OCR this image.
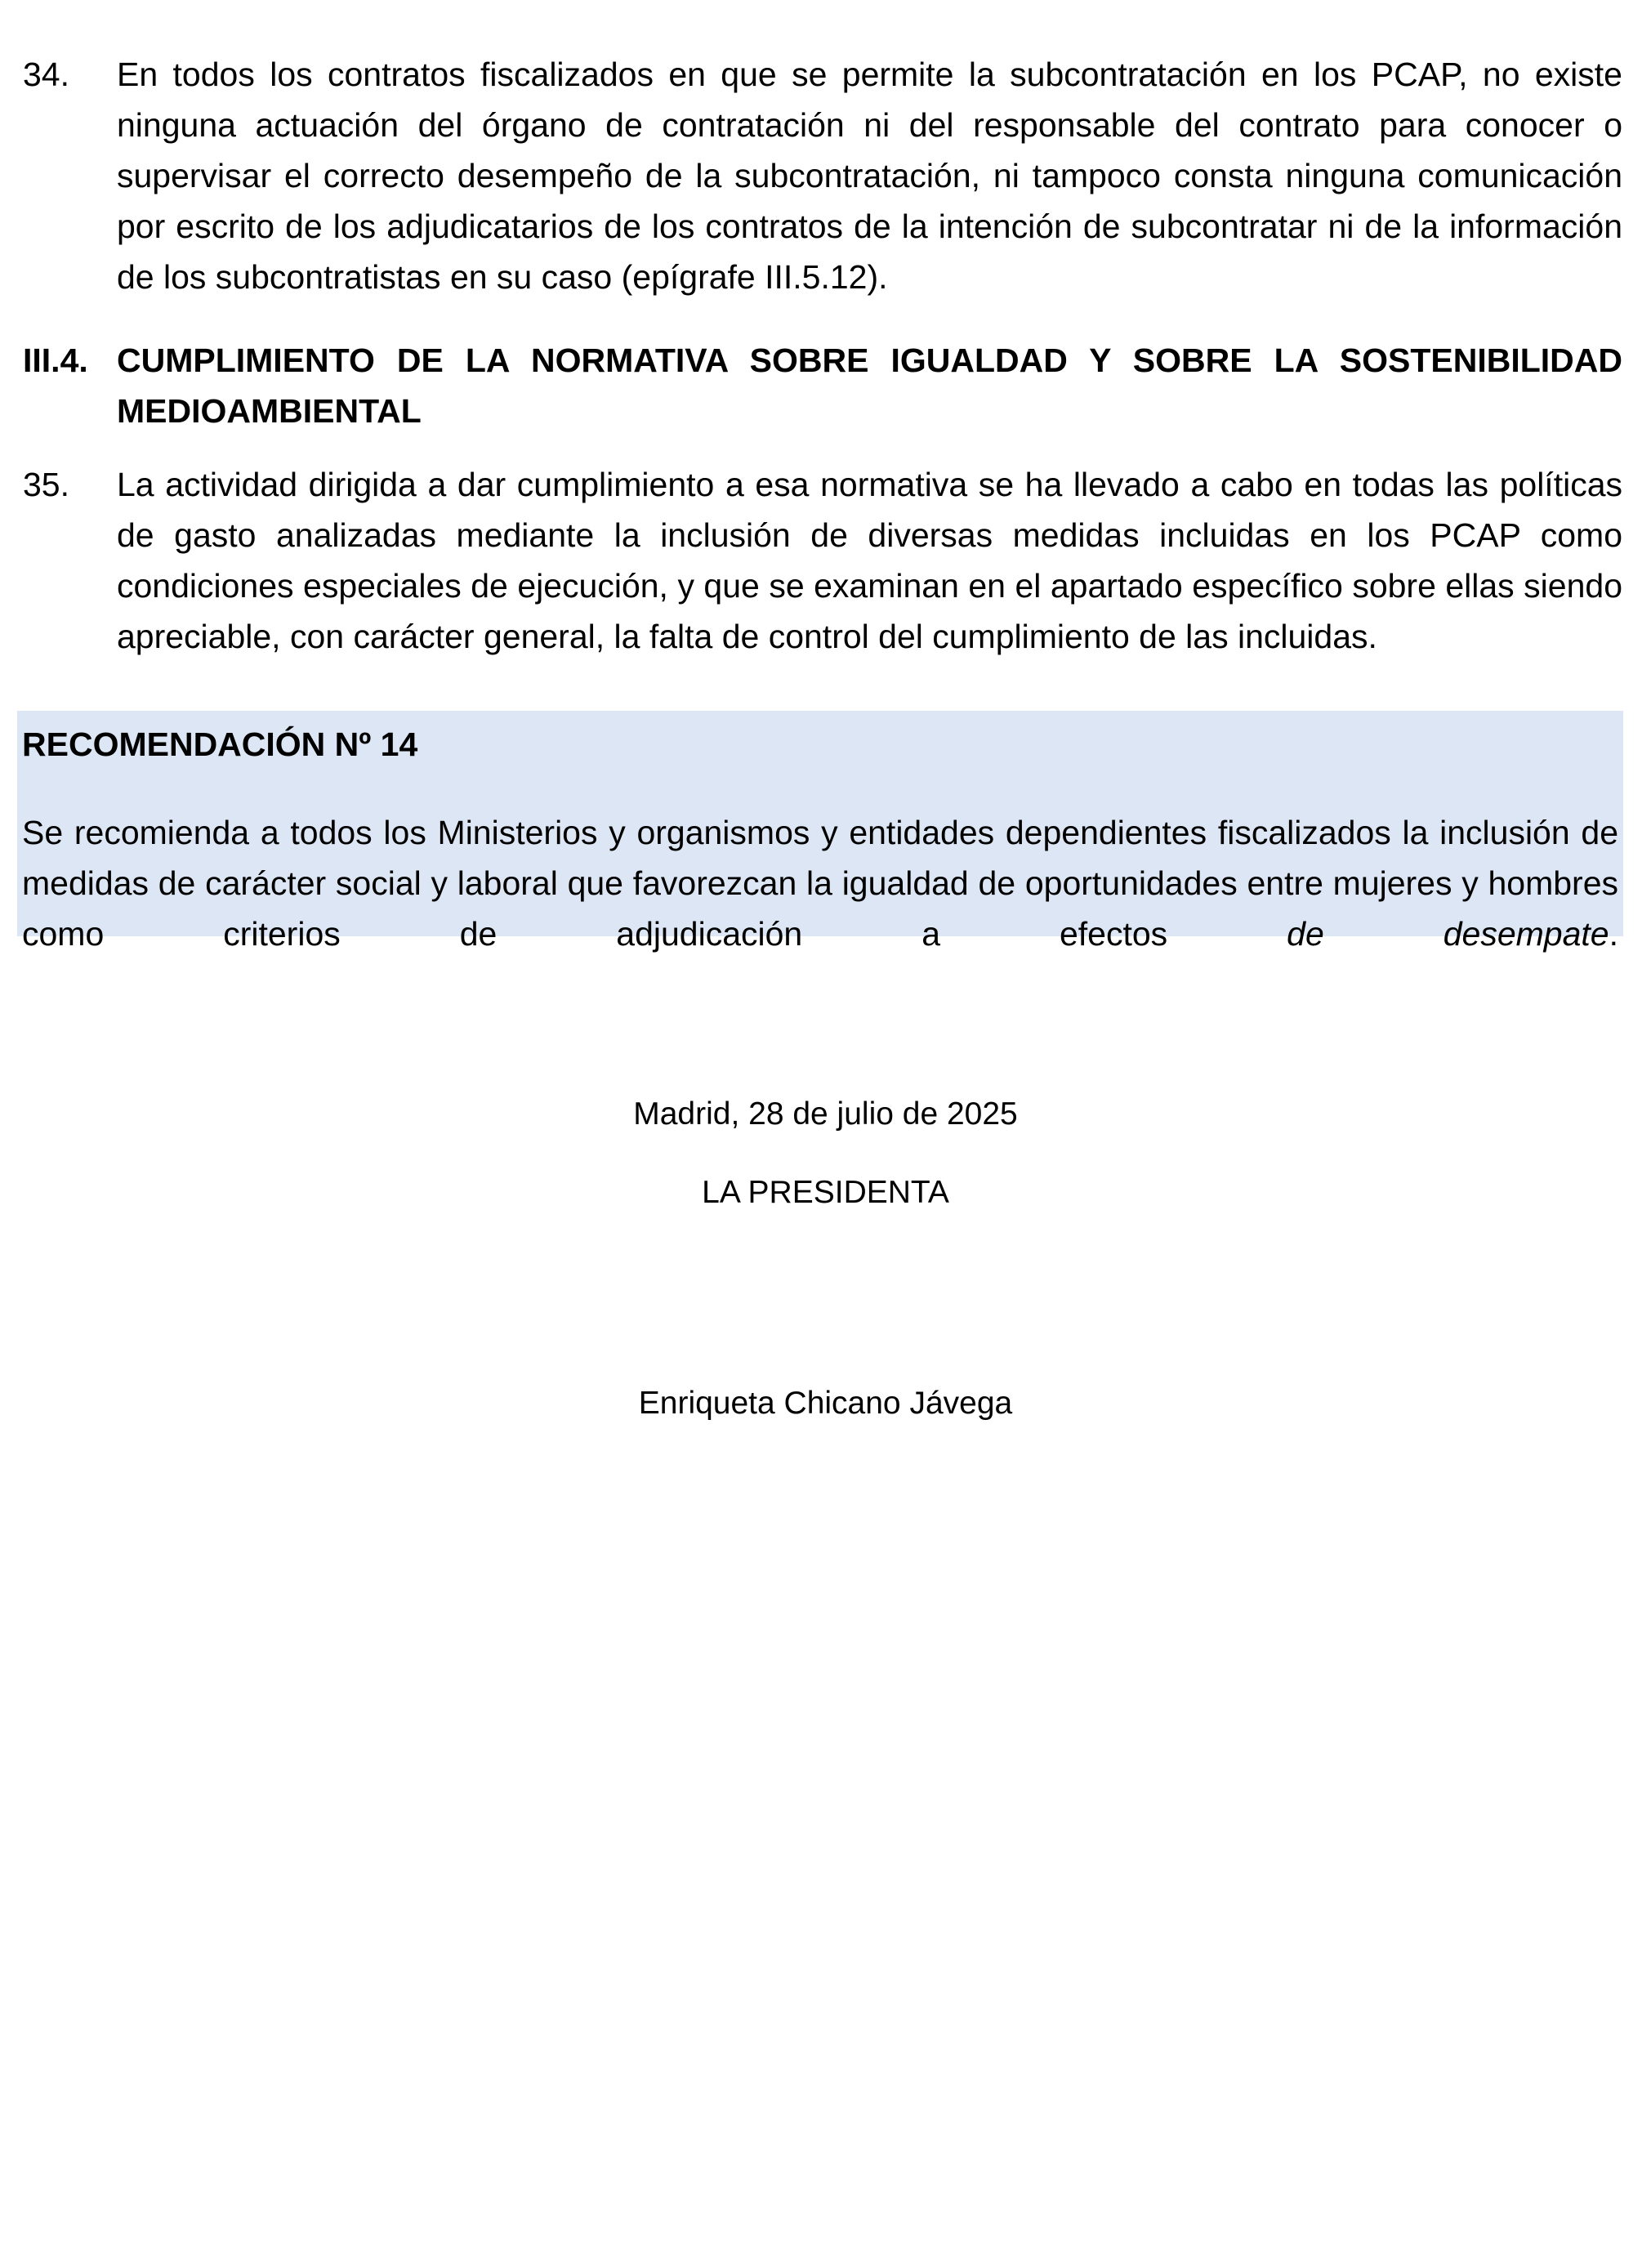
34.	En todos los contratos fiscalizados en que se permite la subcontratación en los PCAP, no existe ninguna actuación del órgano de contratación ni del responsable del contrato para conocer o supervisar el correcto desempeño de la subcontratación, ni tampoco consta ninguna comunicación por escrito de los adjudicatarios de los contratos de la intención de subcontratar ni de la información de los subcontratistas en su caso (epígrafe III.5.12).
III.4. CUMPLIMIENTO DE LA NORMATIVA SOBRE IGUALDAD Y SOBRE LA SOSTENIBILIDAD MEDIOAMBIENTAL
35.	La actividad dirigida a dar cumplimiento a esa normativa se ha llevado a cabo en todas las políticas de gasto analizadas mediante la inclusión de diversas medidas incluidas en los PCAP como condiciones especiales de ejecución, y que se examinan en el apartado específico sobre ellas siendo apreciable, con carácter general, la falta de control del cumplimiento de las incluidas.
RECOMENDACIÓN Nº 14
Se recomienda a todos los Ministerios y organismos y entidades dependientes fiscalizados la inclusión de medidas de carácter social y laboral que favorezcan la igualdad de oportunidades entre mujeres y hombres como criterios de adjudicación a efectos de desempate.
Madrid, 28 de julio de 2025
LA PRESIDENTA
Enriqueta Chicano Jávega
